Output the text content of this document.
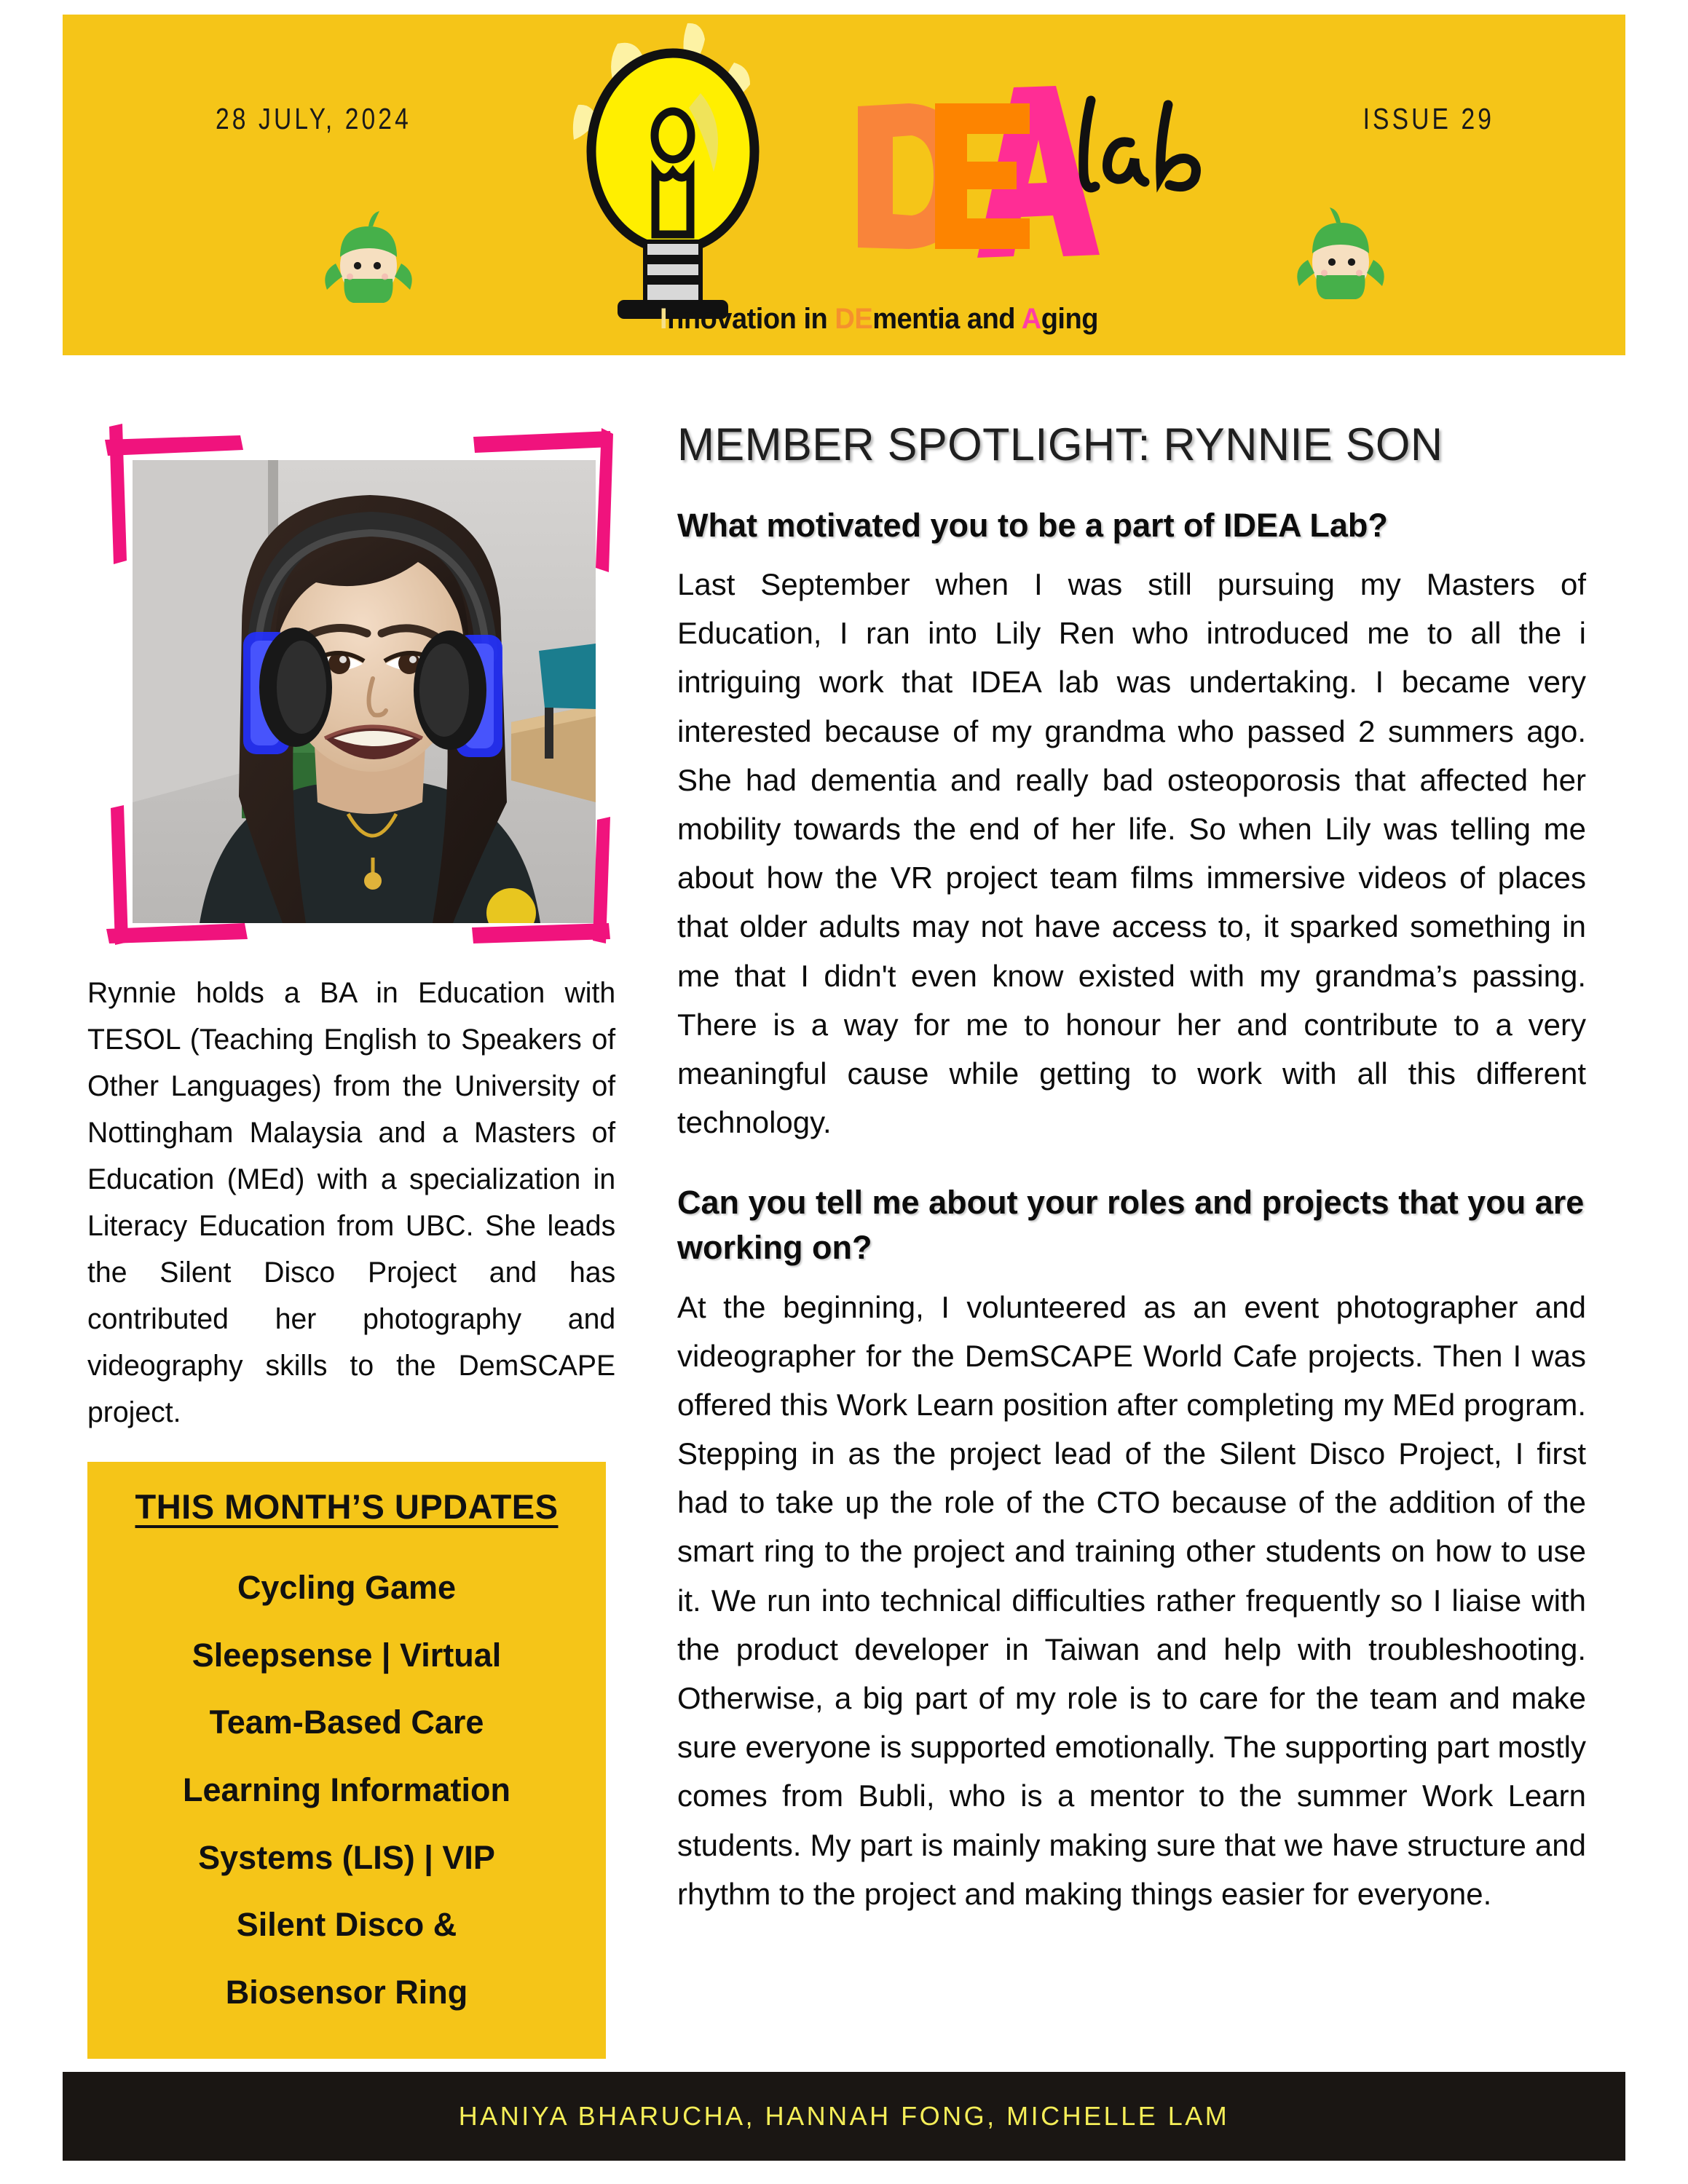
28 JULY, 2024	ISSUE 29
Innovation in DEmentia and Aging
Rynnie holds a BA in Education with TESOL (Teaching English to Speakers of Other Languages) from the University of Nottingham Malaysia and a Masters of Education (MEd) with a specialization in Literacy Education from UBC. She leads the Silent Disco Project and has contributed her photography and videography skills to the DemSCAPE project.
THIS MONTH’S UPDATES
Cycling Game
Sleepsense | Virtual
Team-Based Care
Learning Information
Systems (LIS) | VIP
Silent Disco &
Biosensor Ring
MEMBER SPOTLIGHT: RYNNIE SON
What motivated you to be a part of IDEA Lab?

Last September when I was still pursuing my Masters of Education, I ran into Lily Ren who introduced me to all the i intriguing work that IDEA lab was undertaking. I became very interested because of my grandma who passed 2 summers ago. She had dementia and really bad osteoporosis that affected her mobility towards the end of her life. So when Lily was telling me about how the VR project team films immersive videos of places that older adults may not have access to, it sparked something in me that I didn't even know existed with my grandma’s passing. There is a way for me to honour her and contribute to a very meaningful cause while getting to work with all this different technology.

Can you tell me about your roles and projects that you are working on?

At the beginning, I volunteered as an event photographer and videographer for the DemSCAPE World Cafe projects. Then I was offered this Work Learn position after completing my MEd program. Stepping in as the project lead of the Silent Disco Project, I first had to take up the role of the CTO because of the addition of the smart ring to the project and training other students on how to use it. We run into technical difficulties rather frequently so I liaise with the product developer in Taiwan and help with troubleshooting. Otherwise, a big part of my role is to care for the team and make sure everyone is supported emotionally. The supporting part mostly comes from Bubli, who is a mentor to the summer Work Learn students. My part is mainly making sure that we have structure and rhythm to the project and making things easier for everyone.

HANIYA BHARUCHA, HANNAH FONG, MICHELLE LAM
